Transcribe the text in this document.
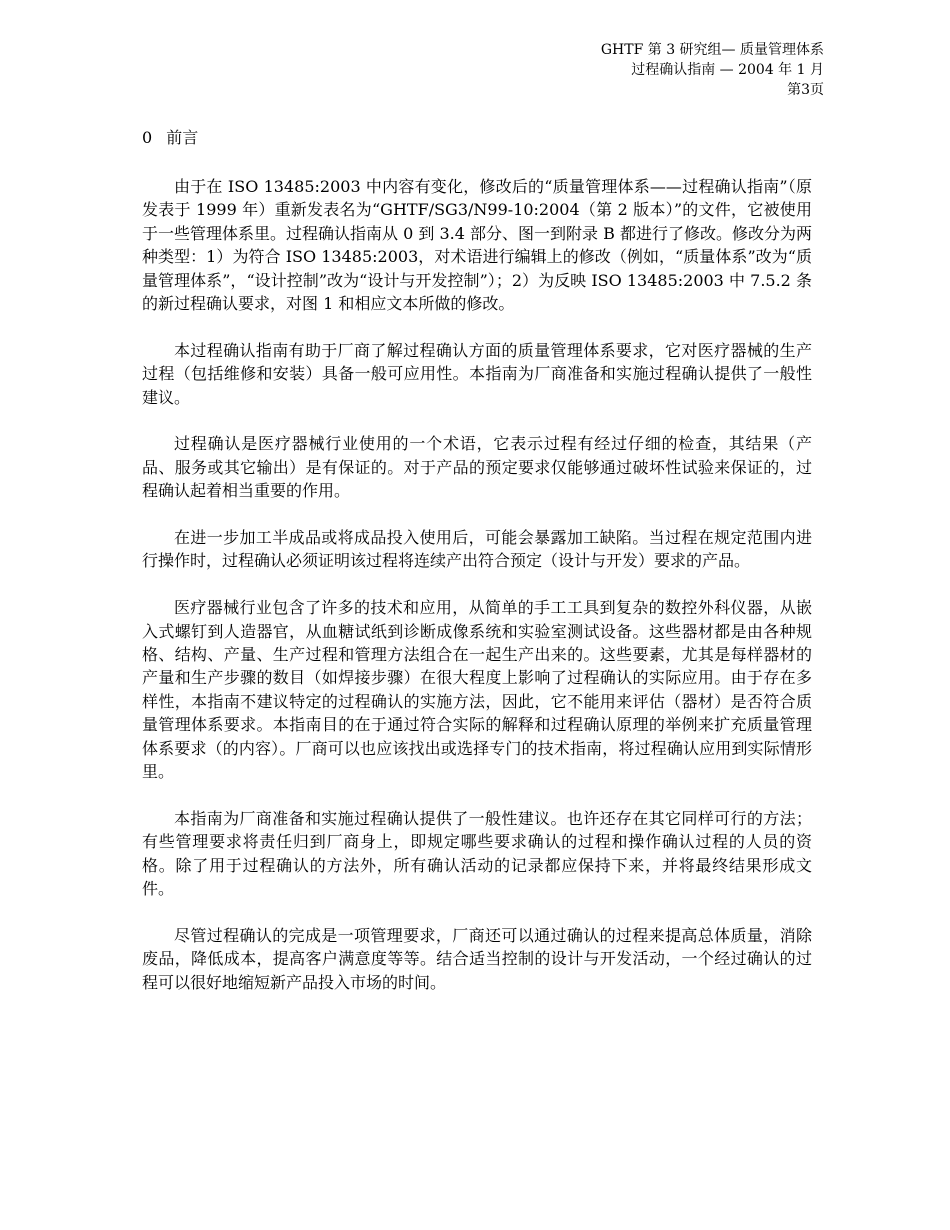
GHTF 第 3 研究组— 质量管理体系
过程确认指南 — 2004 年 1 月
第3页
0 前言

由于在 ISO 13485:2003 中内容有变化，修改后的“质量管理体系——过程确认指南”（原发表于 1999 年）重新发表名为“GHTF/SG3/N99-10:2004（第 2 版本）”的文件，它被使用于一些管理体系里。过程确认指南从 0 到 3.4 部分、图一到附录 B 都进行了修改。修改分为两种类型：1）为符合 ISO 13485:2003，对术语进行编辑上的修改（例如，“质量体系”改为“质量管理体系”，“设计控制”改为“设计与开发控制”）；2）为反映 ISO 13485:2003 中 7.5.2 条的新过程确认要求，对图 1 和相应文本所做的修改。

本过程确认指南有助于厂商了解过程确认方面的质量管理体系要求，它对医疗器械的生产过程（包括维修和安装）具备一般可应用性。本指南为厂商准备和实施过程确认提供了一般性建议。

过程确认是医疗器械行业使用的一个术语，它表示过程有经过仔细的检查，其结果（产品、服务或其它输出）是有保证的。对于产品的预定要求仅能够通过破坏性试验来保证的，过程确认起着相当重要的作用。

在进一步加工半成品或将成品投入使用后，可能会暴露加工缺陷。当过程在规定范围内进行操作时，过程确认必须证明该过程将连续产出符合预定（设计与开发）要求的产品。

医疗器械行业包含了许多的技术和应用，从简单的手工工具到复杂的数控外科仪器，从嵌入式螺钉到人造器官，从血糖试纸到诊断成像系统和实验室测试设备。这些器材都是由各种规格、结构、产量、生产过程和管理方法组合在一起生产出来的。这些要素，尤其是每样器材的产量和生产步骤的数目（如焊接步骤）在很大程度上影响了过程确认的实际应用。由于存在多样性，本指南不建议特定的过程确认的实施方法，因此，它不能用来评估（器材）是否符合质量管理体系要求。本指南目的在于通过符合实际的解释和过程确认原理的举例来扩充质量管理体系要求（的内容）。厂商可以也应该找出或选择专门的技术指南，将过程确认应用到实际情形里。

本指南为厂商准备和实施过程确认提供了一般性建议。也许还存在其它同样可行的方法；有些管理要求将责任归到厂商身上，即规定哪些要求确认的过程和操作确认过程的人员的资格。除了用于过程确认的方法外，所有确认活动的记录都应保持下来，并将最终结果形成文件。

尽管过程确认的完成是一项管理要求，厂商还可以通过确认的过程来提高总体质量，消除废品，降低成本，提高客户满意度等等。结合适当控制的设计与开发活动，一个经过确认的过程可以很好地缩短新产品投入市场的时间。
